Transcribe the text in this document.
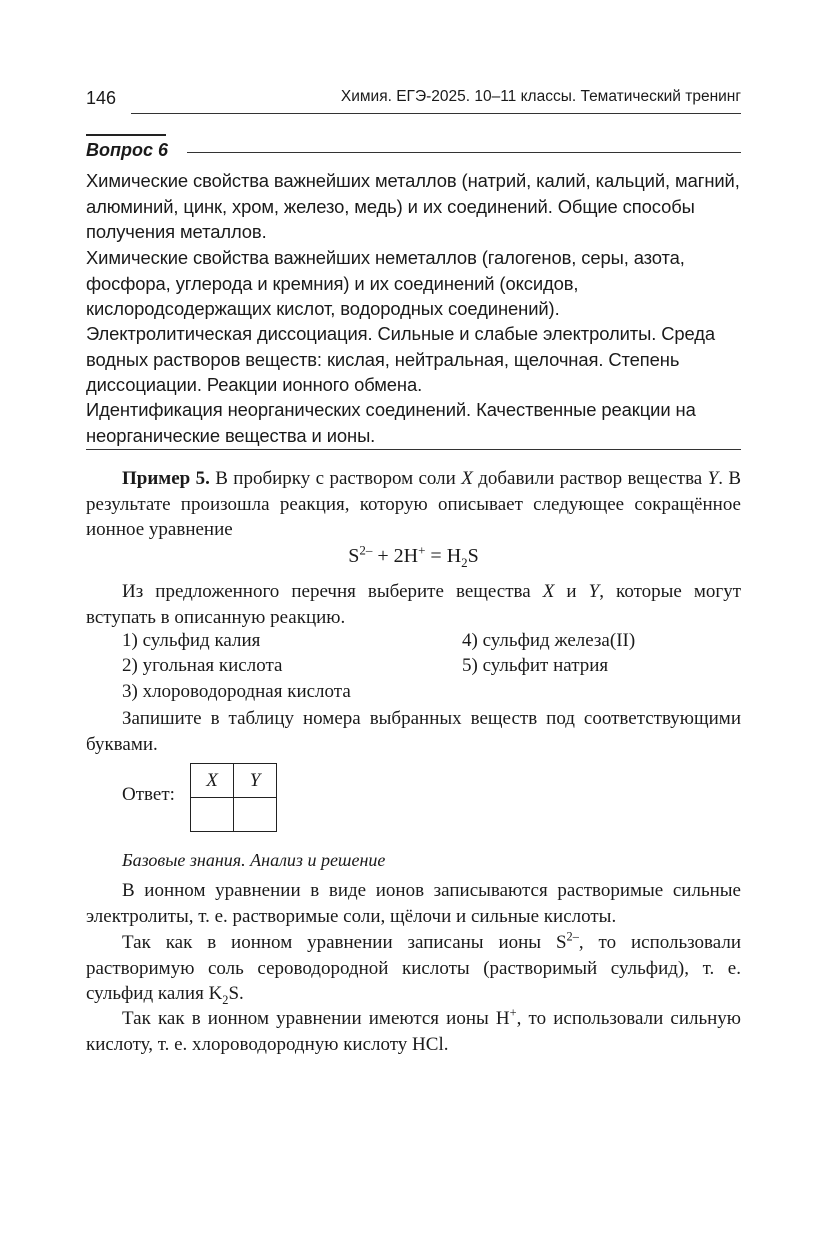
146	Химия. ЕГЭ-2025. 10–11 классы. Тематический тренинг
Вопрос 6

Химические свойства важнейших металлов (натрий, калий, кальций, магний, алюминий, цинк, хром, железо, медь) и их соединений. Общие способы получения металлов.

Химические свойства важнейших неметаллов (галогенов, серы, азота, фосфора, углерода и кремния) и их соединений (оксидов, кислородсодержащих кислот, водородных соединений).

Электролитическая диссоциация. Сильные и слабые электролиты. Среда водных растворов веществ: кислая, нейтральная, щелочная. Степень диссоциации. Реакции ионного обмена.

Идентификация неорганических соединений. Качественные реакции на неорганические вещества и ионы.

Пример 5. В пробирку с раствором соли X добавили раствор вещества Y. В результате произошла реакция, которую описывает следующее сокращённое ионное уравнение

$S^{2-} + 2H^+ = H_2S$

Из предложенного перечня выберите вещества X и Y, которые могут вступать в описанную реакцию.

1) сульфид калия
2) угольная кислота
3) хлороводородная кислота
4) сульфид железа(II)
5) сульфит натрия

Запишите в таблицу номера выбранных веществ под соответствующими буквами.

Ответ:
X	Y

Базовые знания. Анализ и решение

В ионном уравнении в виде ионов записываются растворимые сильные электролиты, т. е. растворимые соли, щёлочи и сильные кислоты.

Так как в ионном уравнении записаны ионы $S^{2-}$, то использовали растворимую соль сероводородной кислоты (растворимый сульфид), т. е. сульфид калия $K_2S$.

Так как в ионном уравнении имеются ионы H+, то использовали сильную кислоту, т. е. хлороводородную кислоту HCl.
